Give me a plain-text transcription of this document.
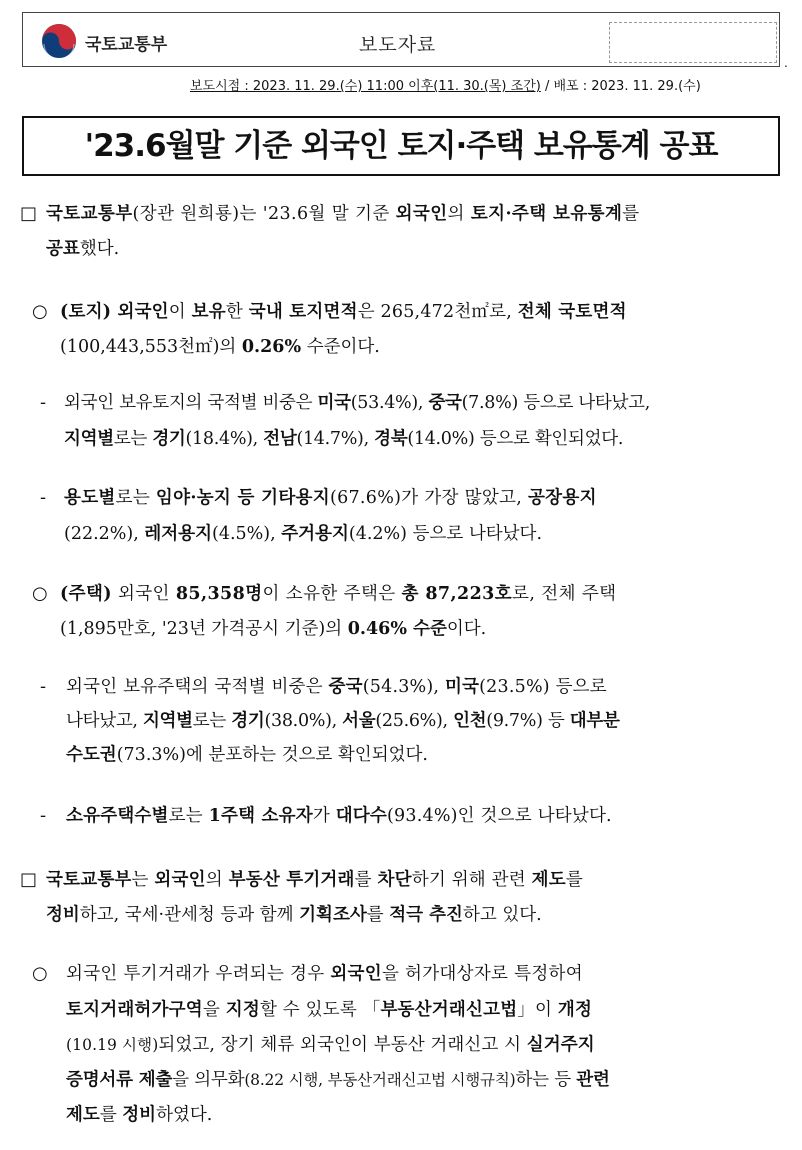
국토교통부	보도자료
.
보도시점 : 2023. 11. 29.(수) 11:00 이후(11. 30.(목) 조간) / 배포 : 2023. 11. 29.(수)
'23.6월말 기준 외국인 토지·주택 보유통계 공표
□ 국토교통부(장관 원희룡)는 '23.6월 말 기준 외국인의 토지·주택 보유통계를
공표했다.
○ (토지) 외국인이 보유한 국내 토지면적은 265,472천㎡로, 전체 국토면적
(100,443,553천㎡)의 0.26% 수준이다.
- 외국인 보유토지의 국적별 비중은 미국(53.4%), 중국(7.8%) 등으로 나타났고,
지역별로는 경기(18.4%), 전남(14.7%), 경북(14.0%) 등으로 확인되었다.
- 용도별로는 임야·농지 등 기타용지(67.6%)가 가장 많았고, 공장용지
(22.2%), 레저용지(4.5%), 주거용지(4.2%) 등으로 나타났다.
○ (주택) 외국인 85,358명이 소유한 주택은 총 87,223호로, 전체 주택
(1,895만호, '23년 가격공시 기준)의 0.46% 수준이다.
- 외국인 보유주택의 국적별 비중은 중국(54.3%), 미국(23.5%) 등으로
나타났고, 지역별로는 경기(38.0%), 서울(25.6%), 인천(9.7%) 등 대부분
수도권(73.3%)에 분포하는 것으로 확인되었다.
- 소유주택수별로는 1주택 소유자가 대다수(93.4%)인 것으로 나타났다.
□ 국토교통부는 외국인의 부동산 투기거래를 차단하기 위해 관련 제도를
정비하고, 국세·관세청 등과 함께 기획조사를 적극 추진하고 있다.
○ 외국인 투기거래가 우려되는 경우 외국인을 허가대상자로 특정하여
토지거래허가구역을 지정할 수 있도록 「부동산거래신고법」이 개정
(10.19 시행)되었고, 장기 체류 외국인이 부동산 거래신고 시 실거주지
증명서류 제출을 의무화(8.22 시행, 부동산거래신고법 시행규칙)하는 등 관련
제도를 정비하였다.
